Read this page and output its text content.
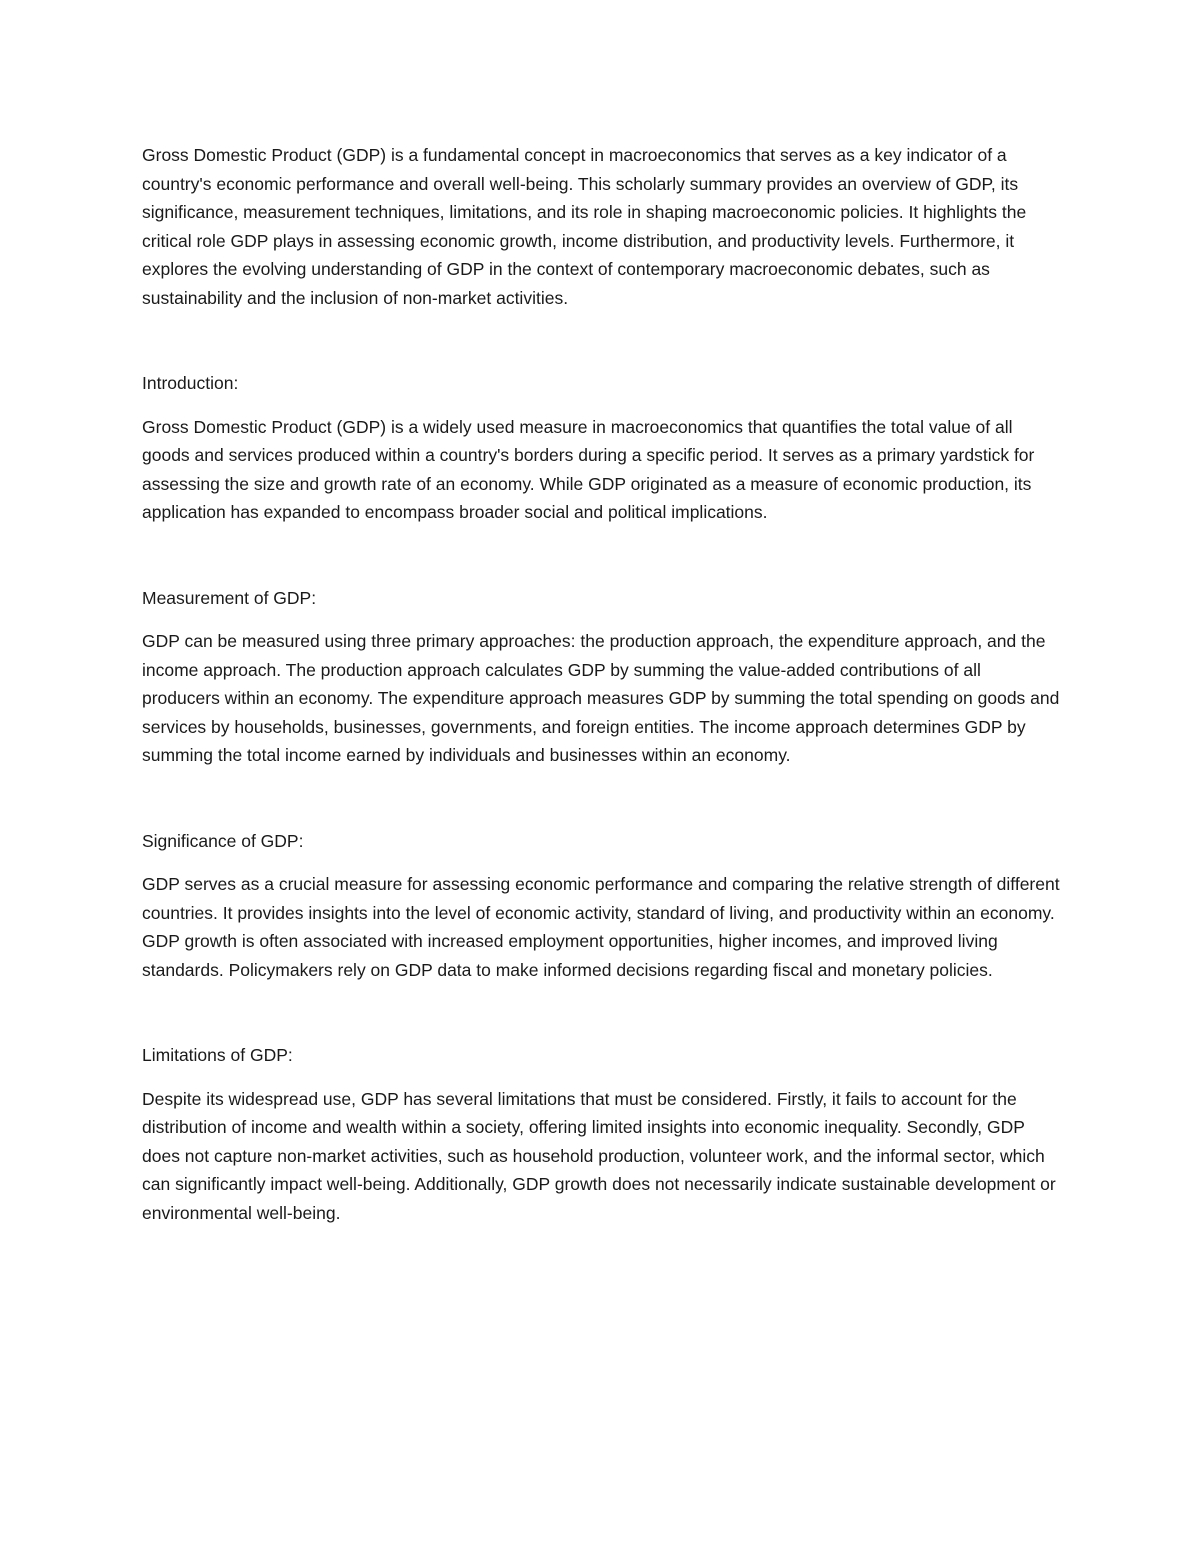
Gross Domestic Product (GDP) is a fundamental concept in macroeconomics that serves as a key indicator of a country's economic performance and overall well-being. This scholarly summary provides an overview of GDP, its significance, measurement techniques, limitations, and its role in shaping macroeconomic policies. It highlights the critical role GDP plays in assessing economic growth, income distribution, and productivity levels. Furthermore, it explores the evolving understanding of GDP in the context of contemporary macroeconomic debates, such as sustainability and the inclusion of non-market activities.

Introduction:

Gross Domestic Product (GDP) is a widely used measure in macroeconomics that quantifies the total value of all goods and services produced within a country's borders during a specific period. It serves as a primary yardstick for assessing the size and growth rate of an economy. While GDP originated as a measure of economic production, its application has expanded to encompass broader social and political implications.

Measurement of GDP:

GDP can be measured using three primary approaches: the production approach, the expenditure approach, and the income approach. The production approach calculates GDP by summing the value-added contributions of all producers within an economy. The expenditure approach measures GDP by summing the total spending on goods and services by households, businesses, governments, and foreign entities. The income approach determines GDP by summing the total income earned by individuals and businesses within an economy.

Significance of GDP:

GDP serves as a crucial measure for assessing economic performance and comparing the relative strength of different countries. It provides insights into the level of economic activity, standard of living, and productivity within an economy. GDP growth is often associated with increased employment opportunities, higher incomes, and improved living standards. Policymakers rely on GDP data to make informed decisions regarding fiscal and monetary policies.

Limitations of GDP:

Despite its widespread use, GDP has several limitations that must be considered. Firstly, it fails to account for the distribution of income and wealth within a society, offering limited insights into economic inequality. Secondly, GDP does not capture non-market activities, such as household production, volunteer work, and the informal sector, which can significantly impact well-being. Additionally, GDP growth does not necessarily indicate sustainable development or environmental well-being.
